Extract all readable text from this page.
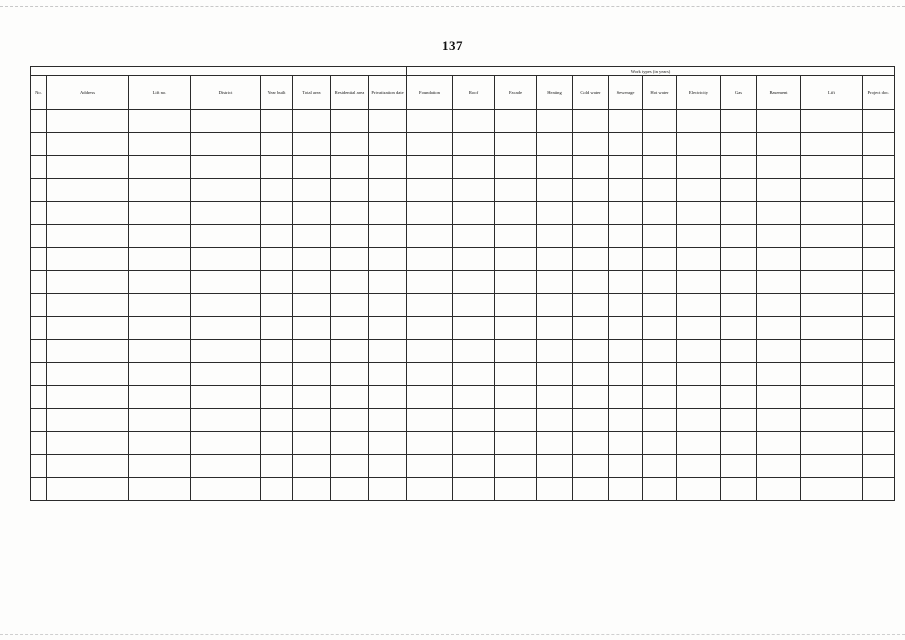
137
								Work types (in years)											
No.	Address	Lift no.	District	Year built	Total area	Residential area	Privatization date	Foundation	Roof	Facade	Heating	Cold water	Sewerage	Hot water	Electricity	Gas	Basement	Lift	Project doc.
